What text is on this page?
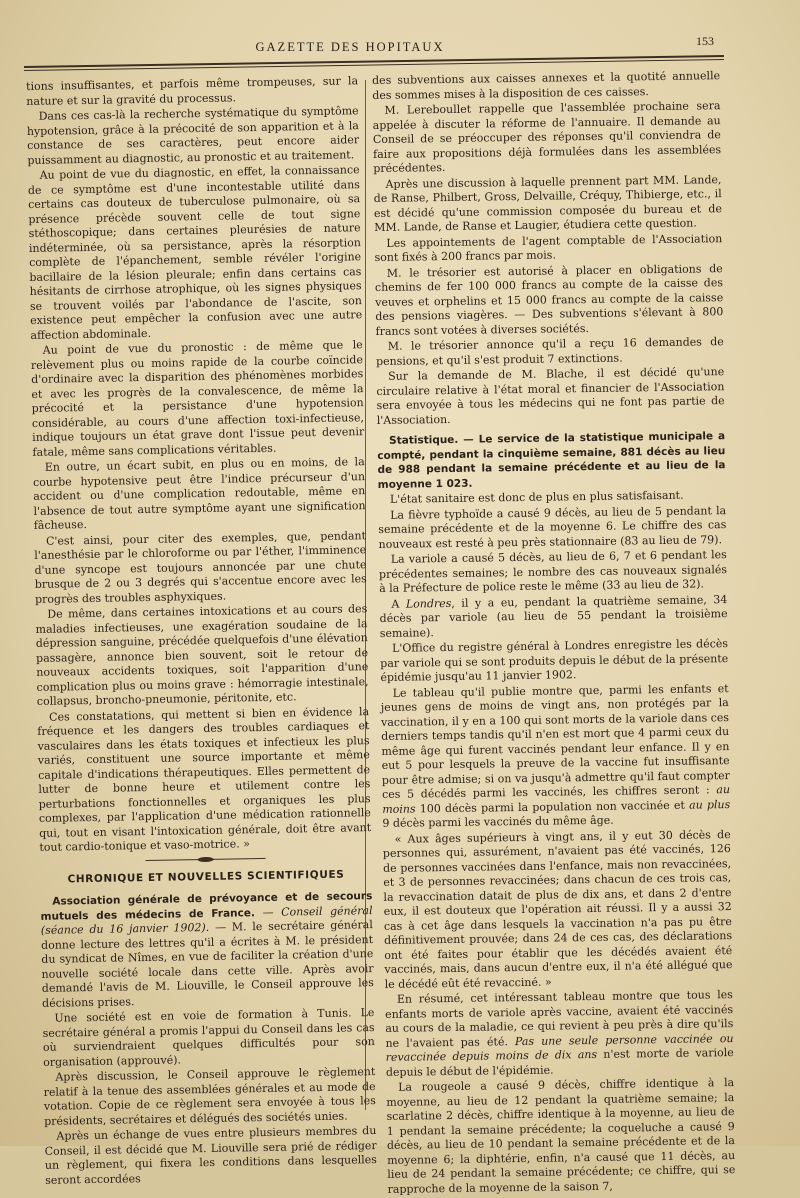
GAZETTE DES HOPITAUX	153

tions insuffisantes, et parfois même trompeuses, sur la nature et sur la gravité du processus.

Dans ces cas-là la recherche systématique du symptôme hypotension, grâce à la précocité de son apparition et à la constance de ses caractères, peut encore aider puissamment au diagnostic, au pronostic et au traitement.

Au point de vue du diagnostic, en effet, la connaissance de ce symptôme est d'une incontestable utilité dans certains cas douteux de tuberculose pulmonaire, où sa présence précède souvent celle de tout signe stéthoscopique; dans certaines pleurésies de nature indéterminée, où sa persistance, après la résorption complète de l'épanchement, semble révéler l'origine bacillaire de la lésion pleurale; enfin dans certains cas hésitants de cirrhose atrophique, où les signes physiques se trouvent voilés par l'abondance de l'ascite, son existence peut empêcher la confusion avec une autre affection abdominale.

Au point de vue du pronostic : de même que le relèvement plus ou moins rapide de la courbe coïncide d'ordinaire avec la disparition des phénomènes morbides et avec les progrès de la convalescence, de même la précocité et la persistance d'une hypotension considérable, au cours d'une affection toxi-infectieuse, indique toujours un état grave dont l'issue peut devenir fatale, même sans complications véritables.

En outre, un écart subit, en plus ou en moins, de la courbe hypotensive peut être l'indice précurseur d'un accident ou d'une complication redoutable, même en l'absence de tout autre symptôme ayant une signification fâcheuse.

C'est ainsi, pour citer des exemples, que, pendant l'anesthésie par le chloroforme ou par l'éther, l'imminence d'une syncope est toujours annoncée par une chute brusque de 2 ou 3 degrés qui s'accentue encore avec les progrès des troubles asphyxiques.

De même, dans certaines intoxications et au cours des maladies infectieuses, une exagération soudaine de la dépression sanguine, précédée quelquefois d'une élévation passagère, annonce bien souvent, soit le retour de nouveaux accidents toxiques, soit l'apparition d'une complication plus ou moins grave : hémorragie intestinale, collapsus, broncho-pneumonie, péritonite, etc.

Ces constatations, qui mettent si bien en évidence la fréquence et les dangers des troubles cardiaques et vasculaires dans les états toxiques et infectieux les plus variés, constituent une source importante et même capitale d'indications thérapeutiques. Elles permettent de lutter de bonne heure et utilement contre les perturbations fonctionnelles et organiques les plus complexes, par l'application d'une médication rationnelle qui, tout en visant l'intoxication générale, doit être avant tout cardio-tonique et vaso-motrice. »

CHRONIQUE ET NOUVELLES SCIENTIFIQUES

Association générale de prévoyance et de secours mutuels des médecins de France. — Conseil général (séance du 16 janvier 1902). — M. le secrétaire général donne lecture des lettres qu'il a écrites à M. le président du syndicat de Nîmes, en vue de faciliter la création d'une nouvelle société locale dans cette ville. Après avoir demandé l'avis de M. Liouville, le Conseil approuve les décisions prises.

Une société est en voie de formation à Tunis. Le secrétaire général a promis l'appui du Conseil dans les cas où surviendraient quelques difficultés pour son organisation (approuvé).

Après discussion, le Conseil approuve le règlement relatif à la tenue des assemblées générales et au mode de votation. Copie de ce règlement sera envoyée à tous les présidents, secrétaires et délégués des sociétés unies.

Après un échange de vues entre plusieurs membres du Conseil, il est décidé que M. Liouville sera prié de rédiger un règlement, qui fixera les conditions dans lesquelles seront accordées

des subventions aux caisses annexes et la quotité annuelle des sommes mises à la disposition de ces caisses.

M. Lereboullet rappelle que l'assemblée prochaine sera appelée à discuter la réforme de l'annuaire. Il demande au Conseil de se préoccuper des réponses qu'il conviendra de faire aux propositions déjà formulées dans les assemblées précédentes.

Après une discussion à laquelle prennent part MM. Lande, de Ranse, Philbert, Gross, Delvaille, Créquy, Thibierge, etc., il est décidé qu'une commission composée du bureau et de MM. Lande, de Ranse et Laugier, étudiera cette question.

Les appointements de l'agent comptable de l'Association sont fixés à 200 francs par mois.

M. le trésorier est autorisé à placer en obligations de chemins de fer 100 000 francs au compte de la caisse des veuves et orphelins et 15 000 francs au compte de la caisse des pensions viagères. — Des subventions s'élevant à 800 francs sont votées à diverses sociétés.

M. le trésorier annonce qu'il a reçu 16 demandes de pensions, et qu'il s'est produit 7 extinctions.

Sur la demande de M. Blache, il est décidé qu'une circulaire relative à l'état moral et financier de l'Association sera envoyée à tous les médecins qui ne font pas partie de l'Association.

Statistique. — Le service de la statistique municipale a compté, pendant la cinquième semaine, 881 décès au lieu de 988 pendant la semaine précédente et au lieu de la moyenne 1 023.

L'état sanitaire est donc de plus en plus satisfaisant.

La fièvre typhoïde a causé 9 décès, au lieu de 5 pendant la semaine précédente et de la moyenne 6. Le chiffre des cas nouveaux est resté à peu près stationnaire (83 au lieu de 79).

La variole a causé 5 décès, au lieu de 6, 7 et 6 pendant les précédentes semaines; le nombre des cas nouveaux signalés à la Préfecture de police reste le même (33 au lieu de 32).

A Londres, il y a eu, pendant la quatrième semaine, 34 décès par variole (au lieu de 55 pendant la troisième semaine).

L'Office du registre général à Londres enregistre les décès par variole qui se sont produits depuis le début de la présente épidémie jusqu'au 11 janvier 1902.

Le tableau qu'il publie montre que, parmi les enfants et jeunes gens de moins de vingt ans, non protégés par la vaccination, il y en a 100 qui sont morts de la variole dans ces derniers temps tandis qu'il n'en est mort que 4 parmi ceux du même âge qui furent vaccinés pendant leur enfance. Il y en eut 5 pour lesquels la preuve de la vaccine fut insuffisante pour être admise; si on va jusqu'à admettre qu'il faut compter ces 5 décédés parmi les vaccinés, les chiffres seront : au moins 100 décès parmi la population non vaccinée et au plus 9 décès parmi les vaccinés du même âge.

« Aux âges supérieurs à vingt ans, il y eut 30 décès de personnes qui, assurément, n'avaient pas été vaccinés, 126 de personnes vaccinées dans l'enfance, mais non revaccinées, et 3 de personnes revaccinées; dans chacun de ces trois cas, la revaccination datait de plus de dix ans, et dans 2 d'entre eux, il est douteux que l'opération ait réussi. Il y a aussi 32 cas à cet âge dans lesquels la vaccination n'a pas pu être définitivement prouvée; dans 24 de ces cas, des déclarations ont été faites pour établir que les décédés avaient été vaccinés, mais, dans aucun d'entre eux, il n'a été allégué que le décédé eût été revacciné. »

En résumé, cet intéressant tableau montre que tous les enfants morts de variole après vaccine, avaient été vaccinés au cours de la maladie, ce qui revient à peu près à dire qu'ils ne l'avaient pas été. Pas une seule personne vaccinée ou revaccinée depuis moins de dix ans n'est morte de variole depuis le début de l'épidémie.

La rougeole a causé 9 décès, chiffre identique à la moyenne, au lieu de 12 pendant la quatrième semaine; la scarlatine 2 décès, chiffre identique à la moyenne, au lieu de 1 pendant la semaine précédente; la coqueluche a causé 9 décès, au lieu de 10 pendant la semaine précédente et de la moyenne 6; la diphtérie, enfin, n'a causé que 11 décès, au lieu de 24 pendant la semaine précédente; ce chiffre, qui se rapproche de la moyenne de la saison 7,
